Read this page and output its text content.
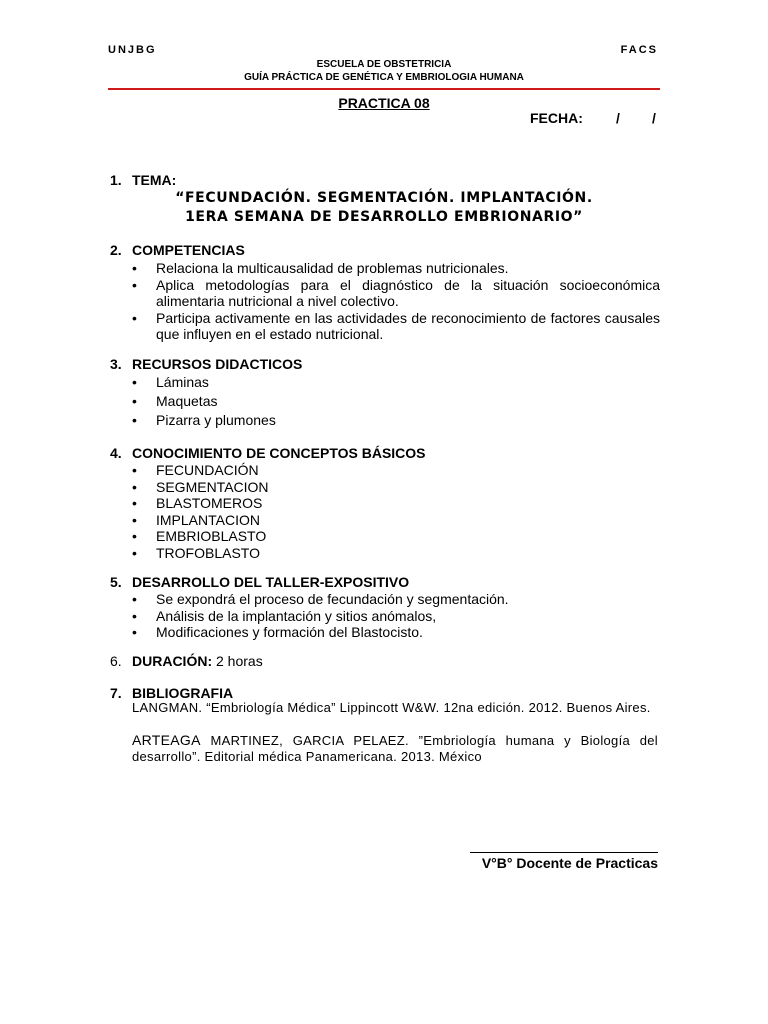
UNJBG	FACS
ESCUELA DE OBSTETRICIA
GUÍA PRÁCTICA DE GENÉTICA Y EMBRIOLOGIA HUMANA
PRACTICA 08
FECHA: / /
1. TEMA:
“FECUNDACIÓN. SEGMENTACIÓN. IMPLANTACIÓN.
1ERA SEMANA DE DESARROLLO EMBRIONARIO”
2. COMPETENCIAS
• Relaciona la multicausalidad de problemas nutricionales.
• Aplica metodologías para el diagnóstico de la situación socioeconómica alimentaria nutricional a nivel colectivo.
• Participa activamente en las actividades de reconocimiento de factores causales que influyen en el estado nutricional.
3. RECURSOS DIDACTICOS
• Láminas
• Maquetas
• Pizarra y plumones
4. CONOCIMIENTO DE CONCEPTOS BÁSICOS
• FECUNDACIÓN
• SEGMENTACION
• BLASTOMEROS
• IMPLANTACION
• EMBRIOBLASTO
• TROFOBLASTO
5. DESARROLLO DEL TALLER-EXPOSITIVO
• Se expondrá el proceso de fecundación y segmentación.
• Análisis de la implantación y sitios anómalos,
• Modificaciones y formación del Blastocisto.
6. DURACIÓN: 2 horas
7. BIBLIOGRAFIA
LANGMAN. “Embriología Médica” Lippincott W&W. 12na edición. 2012. Buenos Aires.
ARTEAGA MARTINEZ, GARCIA PELAEZ. ”Embriología humana y Biología del desarrollo”. Editorial médica Panamericana. 2013. México
V°B° Docente de Practicas
